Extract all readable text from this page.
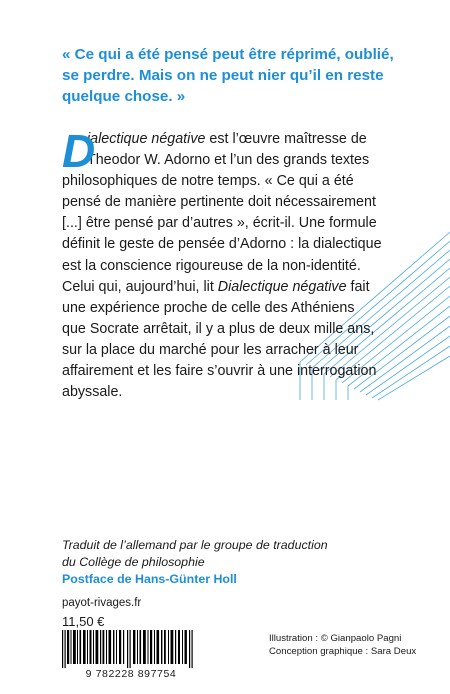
« Ce qui a été pensé peut être réprimé, oublié,
se perdre. Mais on ne peut nier qu’il en reste
quelque chose. »
D
ialectique négative est l’œuvre maîtresse de
Theodor W. Adorno et l’un des grands textes
philosophiques de notre temps. « Ce qui a été
pensé de manière pertinente doit nécessairement
[...] être pensé par d’autres », écrit-il. Une formule
définit le geste de pensée d’Adorno : la dialectique
est la conscience rigoureuse de la non-identité.
Celui qui, aujourd’hui, lit Dialectique négative fait
une expérience proche de celle des Athéniens
que Socrate arrêtait, il y a plus de deux mille ans,
sur la place du marché pour les arracher à leur
affairement et les faire s’ouvrir à une interrogation
abyssale.
Traduit de l’allemand par le groupe de traduction
du Collège de philosophie
Postface de Hans-Günter Holl
payot-rivages.fr
11,50 €
9 782228 897754
Illustration : © Gianpaolo Pagni
Conception graphique : Sara Deux
